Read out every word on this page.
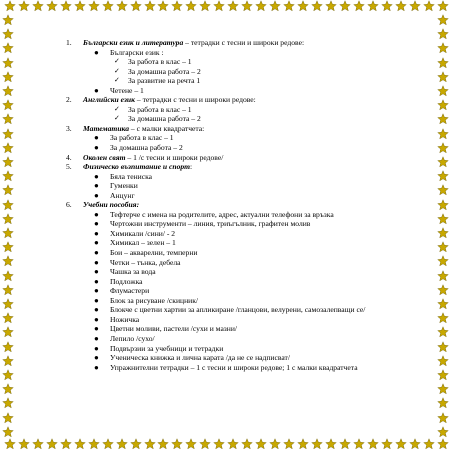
1. Български език и литература – тетрадки с тесни и широки редове:
● Български език :
✓ За работа в клас – 1
✓ За домашна работа – 2
✓ За развитие на речта 1
● Четене – 1
2. Английски език – тетрадки с тесни и широки редове:
✓ За работа в клас – 1
✓ За домашна работа – 2
3. Математика – с малки квадратчета:
● За работа в клас – 1
● За домашна работа – 2
4. Околен свят – 1 /с тесни и широки редове/
5. Физическо възпитание и спорт:
● Бяла тениска
● Гуменки
● Анцунг
6. Учебни пособия:
● Тефтерче с имена на родителите, адрес, актуални телефони за връзка
● Чертожни инструменти – линия, триъгълник, графитен молив
● Химикали /сини/ - 2
● Химикал – зелен – 1
● Бои – акварелни, темперни
● Четки – тънка, дебела
● Чашка за вода
● Подложка
● Флумастери
● Блок за рисуване /скицник/
● Блокче с цветни хартии за апликиране /гланцови, велурени, самозалепващи се/
● Ножичка
● Цветни моливи, пастели /сухи и мазни/
● Лепило /сухо/
● Подвързии за учебници и тетрадки
● Ученическа книжка и лична карата /да не се надписват/
● Упражнителни тетрадки – 1 с тесни и широки редове; 1 с малки квадратчета
